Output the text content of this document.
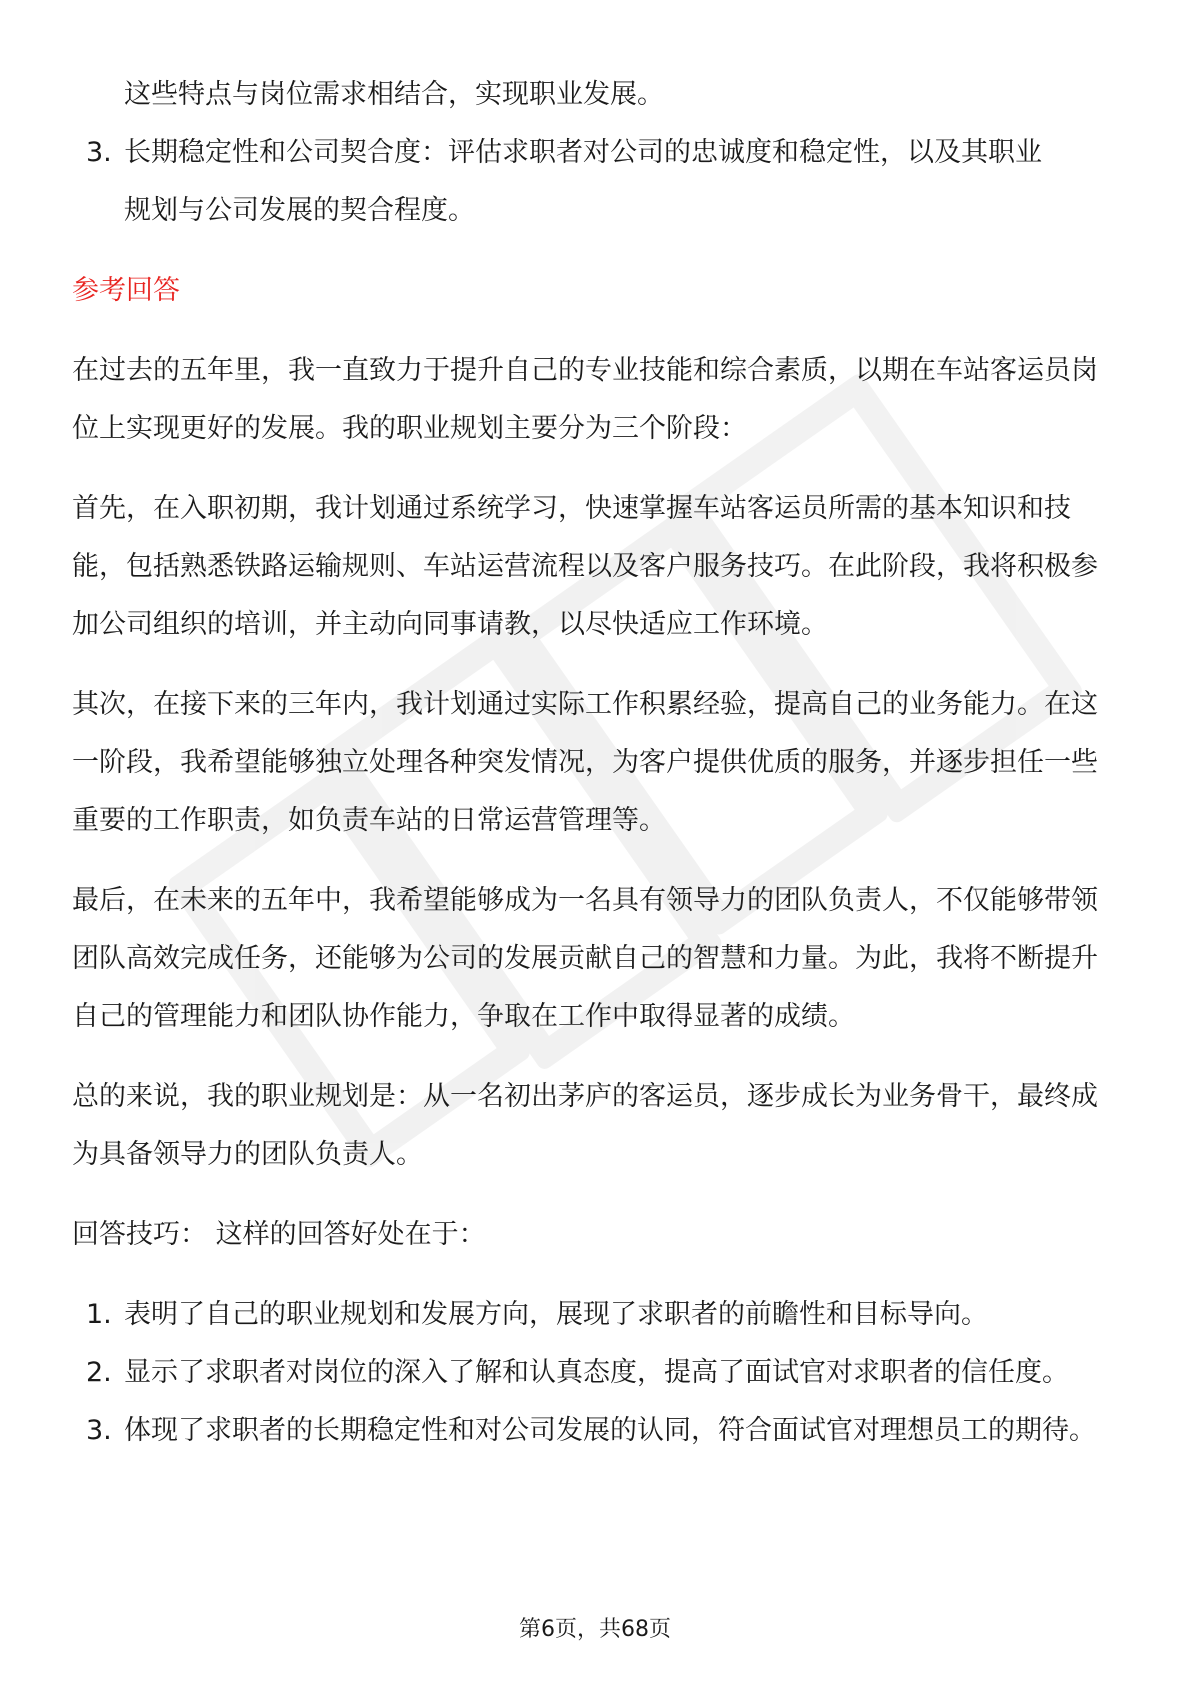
这些特点与岗位需求相结合，实现职业发展。
3. 长期稳定性和公司契合度：评估求职者对公司的忠诚度和稳定性，以及其职业
规划与公司发展的契合程度。
参考回答
在过去的五年里，我一直致力于提升自己的专业技能和综合素质，以期在车站客运员岗位上实现更好的发展。我的职业规划主要分为三个阶段：
首先，在入职初期，我计划通过系统学习，快速掌握车站客运员所需的基本知识和技能，包括熟悉铁路运输规则、车站运营流程以及客户服务技巧。在此阶段，我将积极参加公司组织的培训，并主动向同事请教，以尽快适应工作环境。
其次，在接下来的三年内，我计划通过实际工作积累经验，提高自己的业务能力。在这一阶段，我希望能够独立处理各种突发情况，为客户提供优质的服务，并逐步担任一些重要的工作职责，如负责车站的日常运营管理等。
最后，在未来的五年中，我希望能够成为一名具有领导力的团队负责人，不仅能够带领团队高效完成任务，还能够为公司的发展贡献自己的智慧和力量。为此，我将不断提升自己的管理能力和团队协作能力，争取在工作中取得显著的成绩。
总的来说，我的职业规划是：从一名初出茅庐的客运员，逐步成长为业务骨干，最终成为具备领导力的团队负责人。
回答技巧： 这样的回答好处在于：
1. 表明了自己的职业规划和发展方向，展现了求职者的前瞻性和目标导向。
2. 显示了求职者对岗位的深入了解和认真态度，提高了面试官对求职者的信任度。
3. 体现了求职者的长期稳定性和对公司发展的认同，符合面试官对理想员工的期待。
第6页，共68页
